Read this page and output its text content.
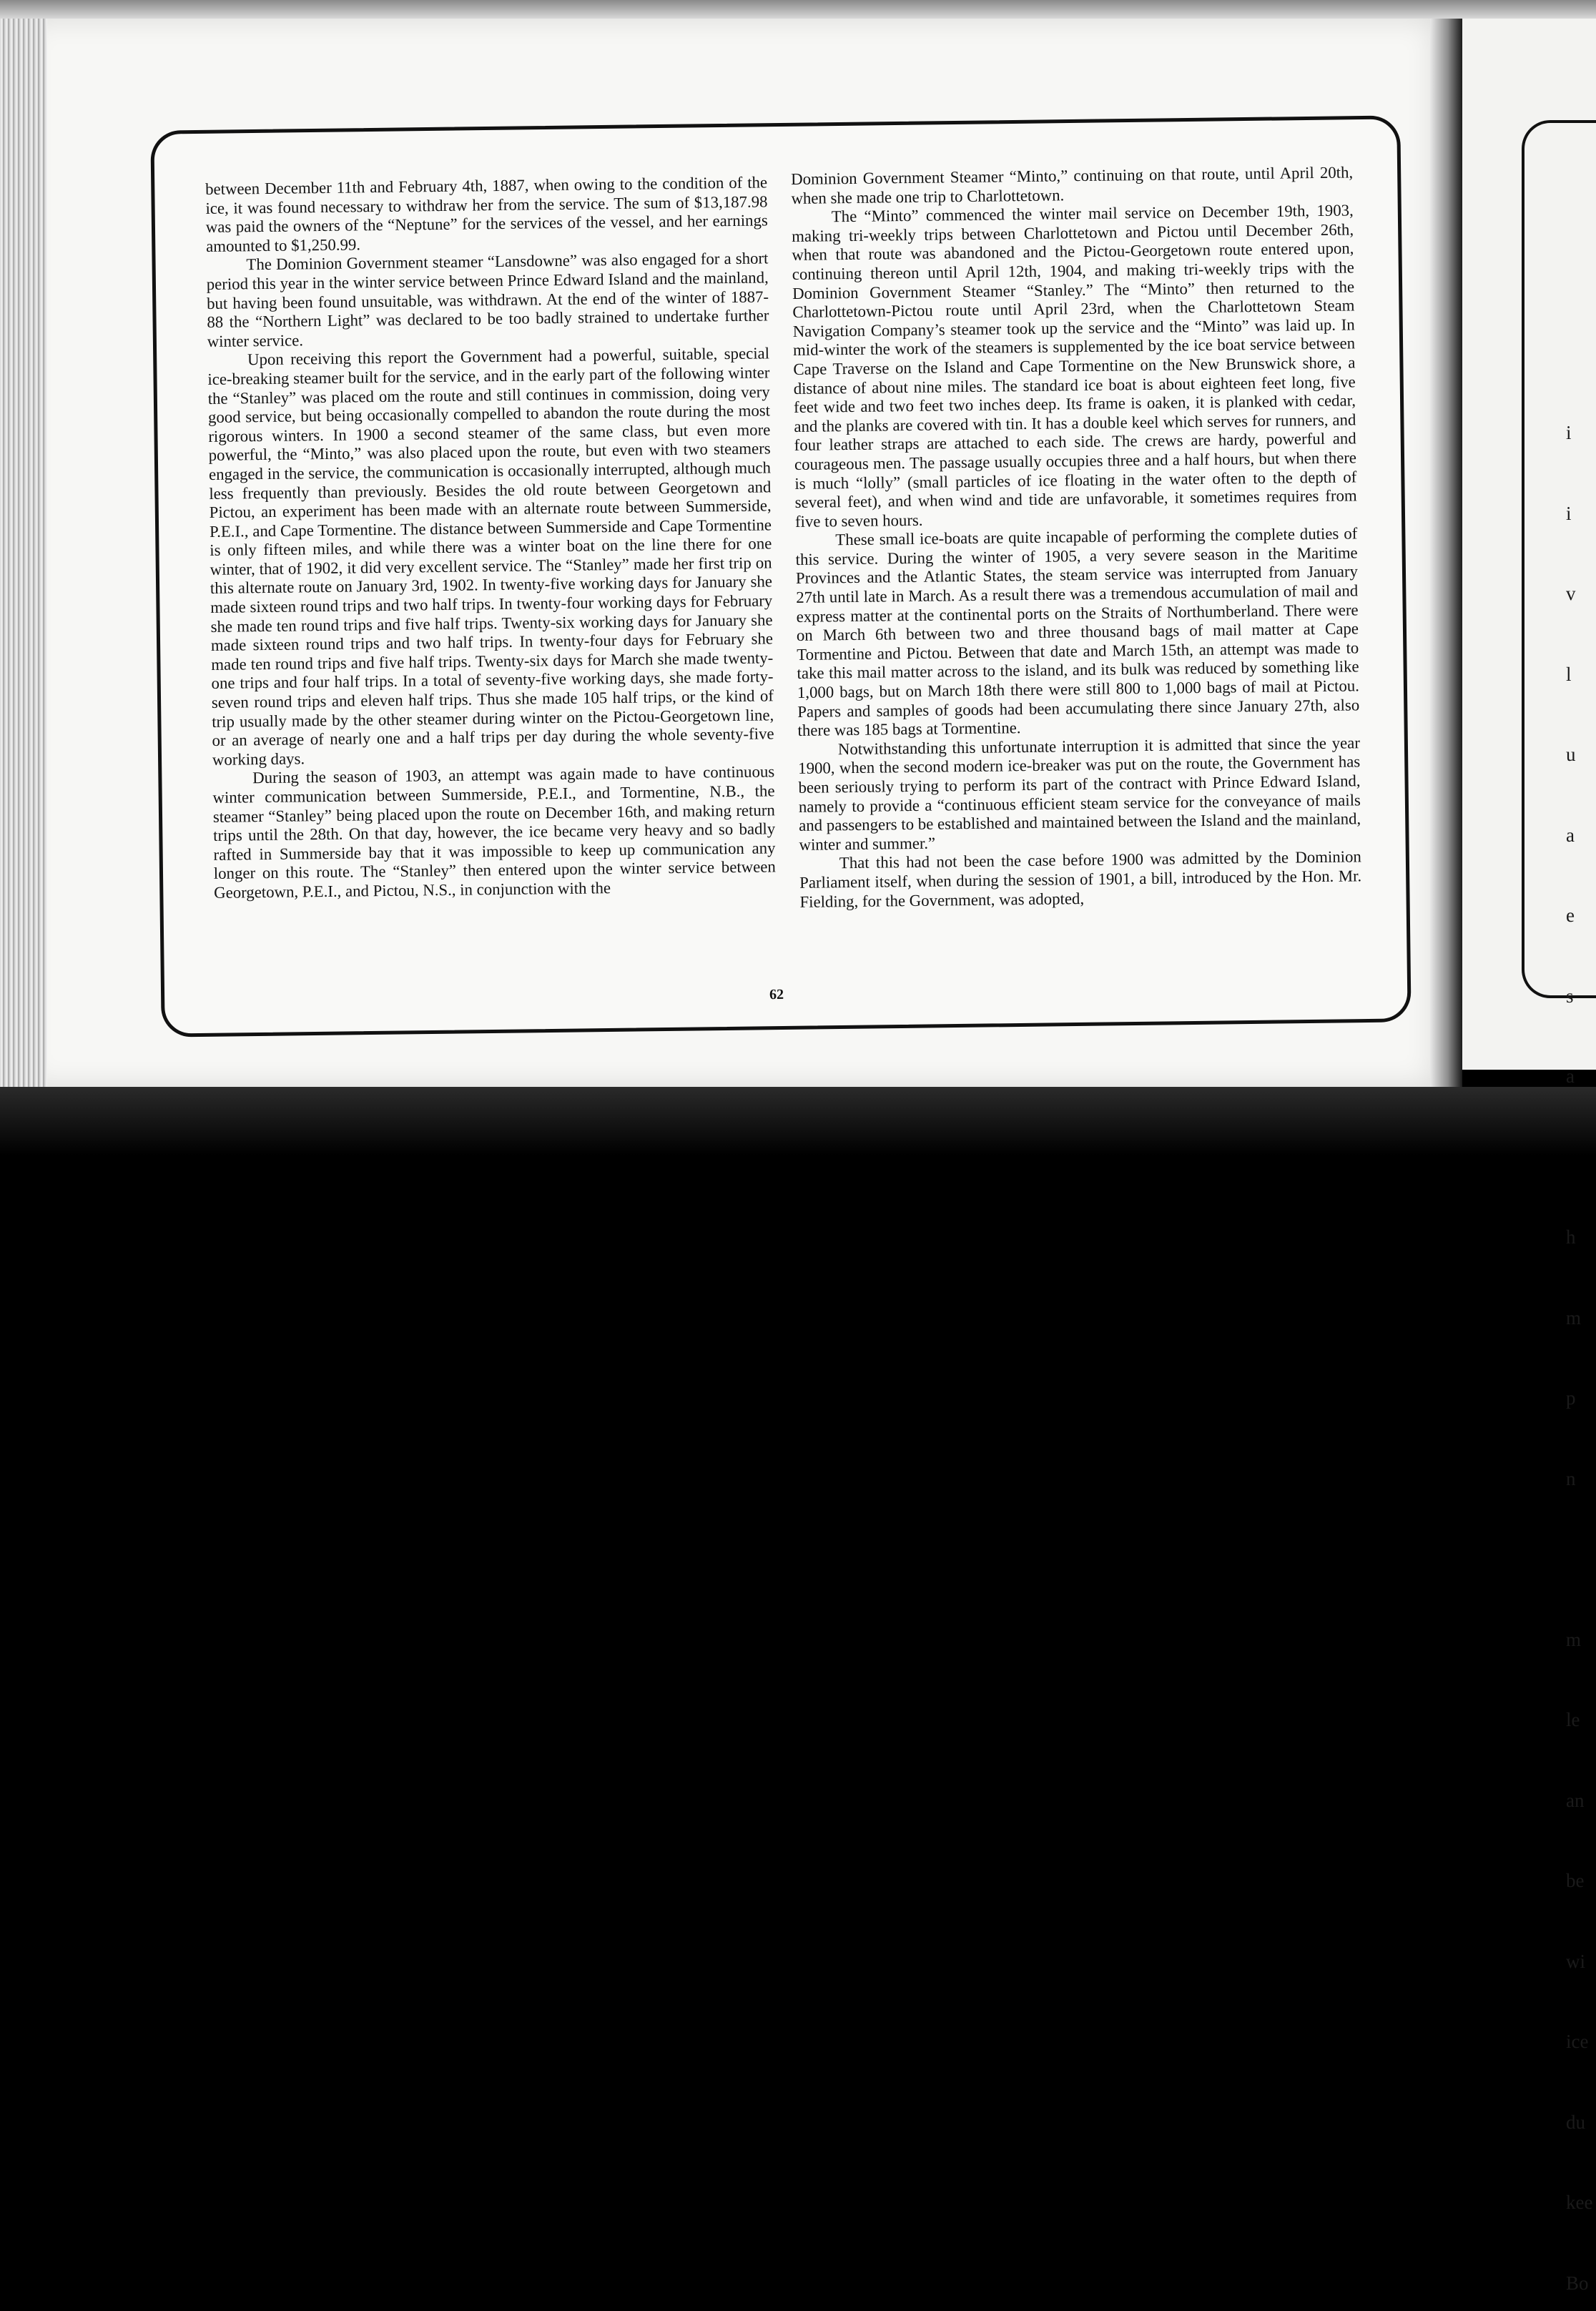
i

i

v

l

u

a

e

s

a

h

m

p

n

m

le

an

be

wi

ice

du

kee

Bo

between December 11th and February 4th, 1887, when owing to the condition of the ice, it was found necessary to withdraw her from the service. The sum of $13,187.98 was paid the owners of the “Neptune” for the services of the vessel, and her earnings amounted to $1,250.99.

The Dominion Government steamer “Lansdowne” was also engaged for a short period this year in the winter service between Prince Edward Island and the mainland, but having been found unsuitable, was withdrawn. At the end of the winter of 1887-88 the “Northern Light” was declared to be too badly strained to undertake further winter service.

Upon receiving this report the Government had a powerful, suitable, special ice-breaking steamer built for the service, and in the early part of the following winter the “Stanley” was placed om the route and still continues in commission, doing very good service, but being occasionally compelled to abandon the route during the most rigorous winters. In 1900 a second steamer of the same class, but even more powerful, the “Minto,” was also placed upon the route, but even with two steamers engaged in the service, the communication is occasionally interrupted, although much less frequently than previously. Besides the old route between Georgetown and Pictou, an experiment has been made with an alternate route between Summerside, P.E.I., and Cape Tormentine. The distance between Summerside and Cape Tormentine is only fifteen miles, and while there was a winter boat on the line there for one winter, that of 1902, it did very excellent service. The “Stanley” made her first trip on this alternate route on January 3rd, 1902. In twenty-five working days for January she made sixteen round trips and two half trips. In twenty-four working days for February she made ten round trips and five half trips. Twenty-six working days for January she made sixteen round trips and two half trips. In twenty-four days for February she made ten round trips and five half trips. Twenty-six days for March she made twenty-one trips and four half trips. In a total of seventy-five working days, she made forty-seven round trips and eleven half trips. Thus she made 105 half trips, or the kind of trip usually made by the other steamer during winter on the Pictou-Georgetown line, or an average of nearly one and a half trips per day during the whole seventy-five working days.

During the season of 1903, an attempt was again made to have continuous winter communication between Summerside, P.E.I., and Tormentine, N.B., the steamer “Stanley” being placed upon the route on December 16th, and making return trips until the 28th. On that day, however, the ice became very heavy and so badly rafted in Summerside bay that it was impossible to keep up communication any longer on this route. The “Stanley” then entered upon the winter service between Georgetown, P.E.I., and Pictou, N.S., in conjunction with the

Dominion Government Steamer “Minto,” continuing on that route, until April 20th, when she made one trip to Charlottetown.

The “Minto” commenced the winter mail service on December 19th, 1903, making tri-weekly trips between Charlottetown and Pictou until December 26th, when that route was abandoned and the Pictou-Georgetown route entered upon, continuing thereon until April 12th, 1904, and making tri-weekly trips with the Dominion Government Steamer “Stanley.” The “Minto” then returned to the Charlottetown-Pictou route until April 23rd, when the Charlottetown Steam Navigation Company’s steamer took up the service and the “Minto” was laid up. In mid-winter the work of the steamers is supplemented by the ice boat service between Cape Traverse on the Island and Cape Tormentine on the New Brunswick shore, a distance of about nine miles. The standard ice boat is about eighteen feet long, five feet wide and two feet two inches deep. Its frame is oaken, it is planked with cedar, and the planks are covered with tin. It has a double keel which serves for runners, and four leather straps are attached to each side. The crews are hardy, powerful and courageous men. The passage usually occupies three and a half hours, but when there is much “lolly” (small particles of ice floating in the water often to the depth of several feet), and when wind and tide are unfavorable, it sometimes requires from five to seven hours.

These small ice-boats are quite incapable of performing the complete duties of this service. During the winter of 1905, a very severe season in the Maritime Provinces and the Atlantic States, the steam service was interrupted from January 27th until late in March. As a result there was a tremendous accumulation of mail and express matter at the continental ports on the Straits of Northumberland. There were on March 6th between two and three thousand bags of mail matter at Cape Tormentine and Pictou. Between that date and March 15th, an attempt was made to take this mail matter across to the island, and its bulk was reduced by something like 1,000 bags, but on March 18th there were still 800 to 1,000 bags of mail at Pictou. Papers and samples of goods had been accumulating there since January 27th, also there was 185 bags at Tormentine.

Notwithstanding this unfortunate interruption it is admitted that since the year 1900, when the second modern ice-breaker was put on the route, the Government has been seriously trying to perform its part of the contract with Prince Edward Island, namely to provide a “continuous efficient steam service for the conveyance of mails and passengers to be established and maintained between the Island and the mainland, winter and summer.”

That this had not been the case before 1900 was admitted by the Dominion Parliament itself, when during the session of 1901, a bill, introduced by the Hon. Mr. Fielding, for the Government, was adopted,

62
